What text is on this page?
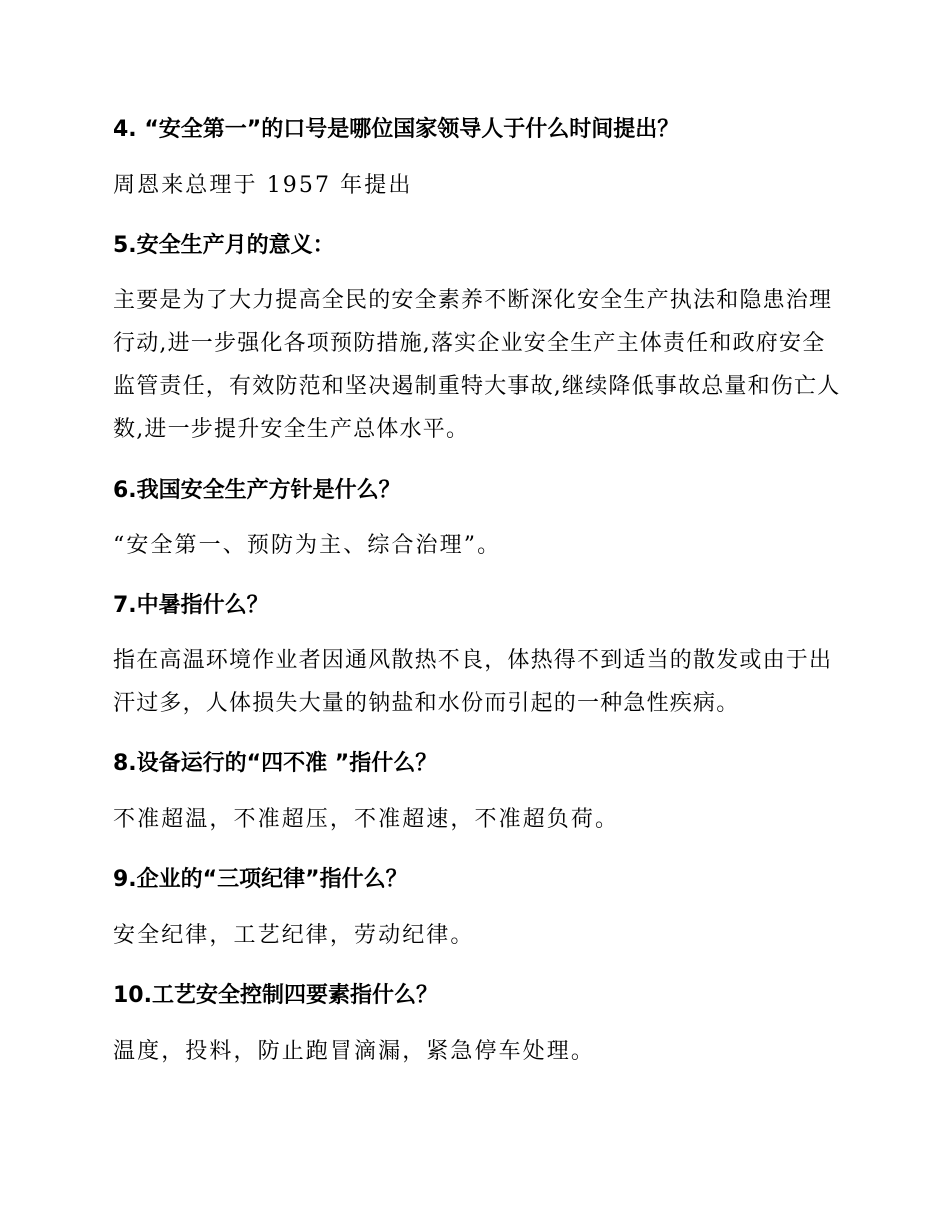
4. “安全第一”的口号是哪位国家领导人于什么时间提出？

周恩来总理于 1957 年提出

5.安全生产月的意义：

主要是为了大力提高全民的安全素养不断深化安全生产执法和隐患治理行动,进一步强化各项预防措施,落实企业安全生产主体责任和政府安全监管责任，有效防范和坚决遏制重特大事故,继续降低事故总量和伤亡人数,进一步提升安全生产总体水平。

6.我国安全生产方针是什么？

“安全第一、预防为主、综合治理”。

7.中暑指什么？

指在高温环境作业者因通风散热不良，体热得不到适当的散发或由于出汗过多，人体损失大量的钠盐和水份而引起的一种急性疾病。

8.设备运行的“四不准 ”指什么？

不准超温，不准超压，不准超速，不准超负荷。

9.企业的“三项纪律”指什么？

安全纪律，工艺纪律，劳动纪律。

10.工艺安全控制四要素指什么？

温度，投料，防止跑冒滴漏，紧急停车处理。
